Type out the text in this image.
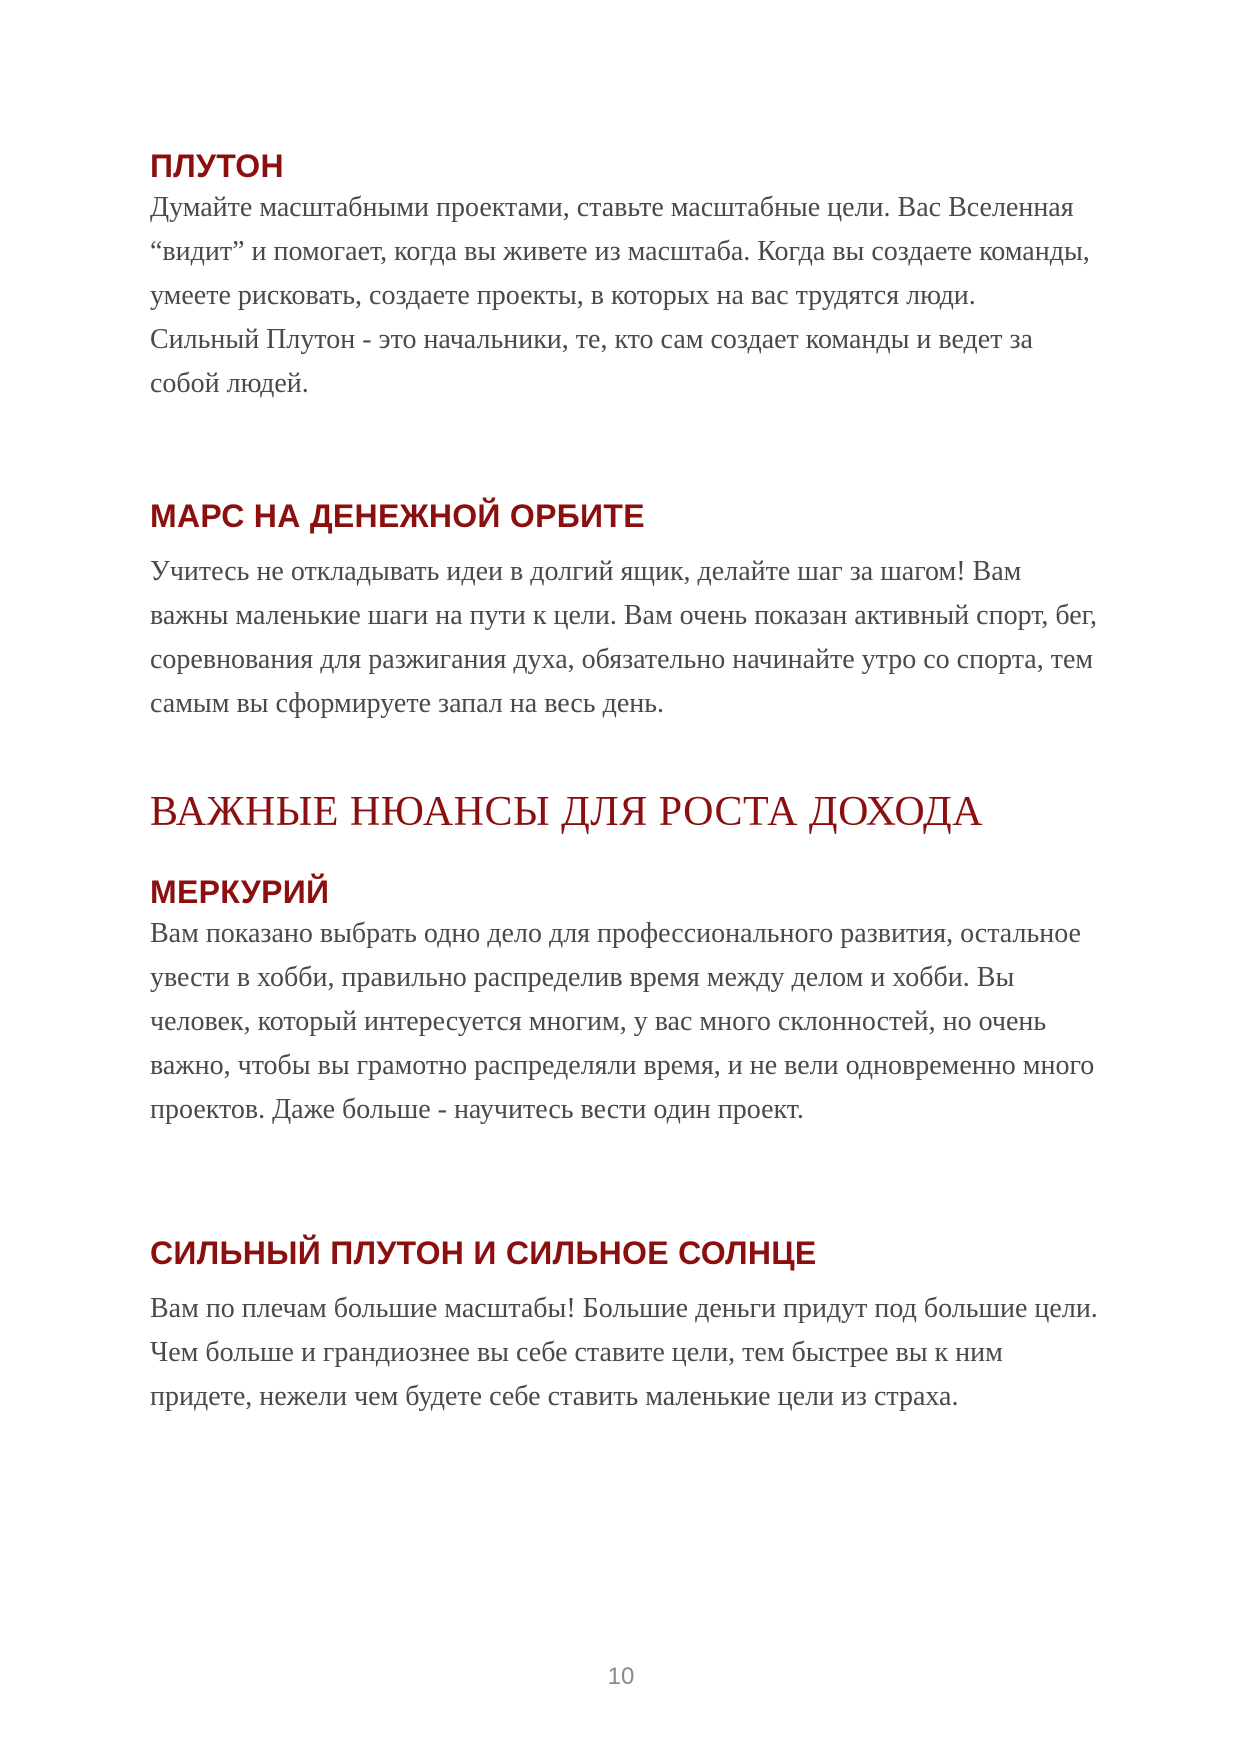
ПЛУТОН

Думайте масштабными проектами, ставьте масштабные цели. Вас Вселенная “видит” и помогает, когда вы живете из масштаба. Когда вы создаете команды, умеете рисковать, создаете проекты, в которых на вас трудятся люди.

Сильный Плутон - это начальники, те, кто сам создает команды и ведет за собой людей.

МАРС НА ДЕНЕЖНОЙ ОРБИТЕ

Учитесь не откладывать идеи в долгий ящик, делайте шаг за шагом! Вам важны маленькие шаги на пути к цели. Вам очень показан активный спорт, бег, соревнования для разжигания духа, обязательно начинайте утро со спорта, тем самым вы сформируете запал на весь день.

ВАЖНЫЕ НЮАНСЫ ДЛЯ РОСТА ДОХОДА
МЕРКУРИЙ

Вам показано выбрать одно дело для профессионального развития, остальное увести в хобби, правильно распределив время между делом и хобби. Вы человек, который интересуется многим, у вас много склонностей, но очень важно, чтобы вы грамотно распределяли время, и не вели одновременно много проектов. Даже больше - научитесь вести один проект.

СИЛЬНЫЙ ПЛУТОН И СИЛЬНОЕ СОЛНЦЕ

Вам по плечам большие масштабы! Большие деньги придут под большие цели. Чем больше и грандиознее вы себе ставите цели, тем быстрее вы к ним придете, нежели чем будете себе ставить маленькие цели из страха.

10
